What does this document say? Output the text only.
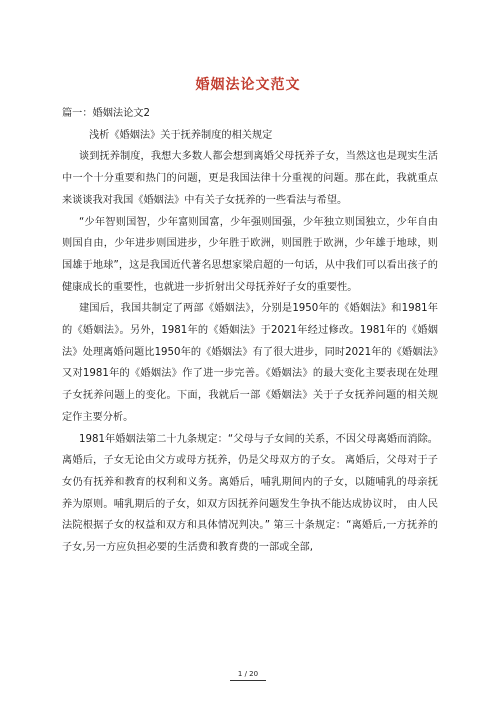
婚姻法论文范文

篇一：婚姻法论文2

浅析《婚姻法》关于抚养制度的相关规定

谈到抚养制度，我想大多数人都会想到离婚父母抚养子女，当然这也是现实生活中一个十分重要和热门的问题，更是我国法律十分重视的问题。那在此，我就重点来谈谈我对我国《婚姻法》中有关子女抚养的一些看法与希望。

“少年智则国智，少年富则国富，少年强则国强，少年独立则国独立，少年自由则国自由，少年进步则国进步，少年胜于欧洲，则国胜于欧洲，少年雄于地球，则国雄于地球”，这是我国近代著名思想家梁启超的一句话，从中我们可以看出孩子的健康成长的重要性，也就进一步折射出父母抚养好子女的重要性。

建国后，我国共制定了两部《婚姻法》，分别是1950年的《婚姻法》和1981年的《婚姻法》。另外，1981年的《婚姻法》于2021年经过修改。1981年的《婚姻法》处理离婚问题比1950年的《婚姻法》有了很大进步，同时2021年的《婚姻法》又对1981年的《婚姻法》作了进一步完善。《婚姻法》的最大变化主要表现在处理子女抚养问题上的变化。下面，我就后一部《婚姻法》关于子女抚养问题的相关规定作主要分析。

1981年婚姻法第二十九条规定：“父母与子女间的关系，不因父母离婚而消除。离婚后，子女无论由父方或母方抚养，仍是父母双方的子女。 离婚后，父母对于子女仍有抚养和教育的权利和义务。离婚后，哺乳期间内的子女，以随哺乳的母亲抚养为原则。哺乳期后的子女，如双方因抚养问题发生争执不能达成协议时， 由人民法院根据子女的权益和双方和具体情况判决。” 第三十条规定：“离婚后,一方抚养的子女,另一方应负担必要的生活费和教育费的一部或全部,

1 / 20
